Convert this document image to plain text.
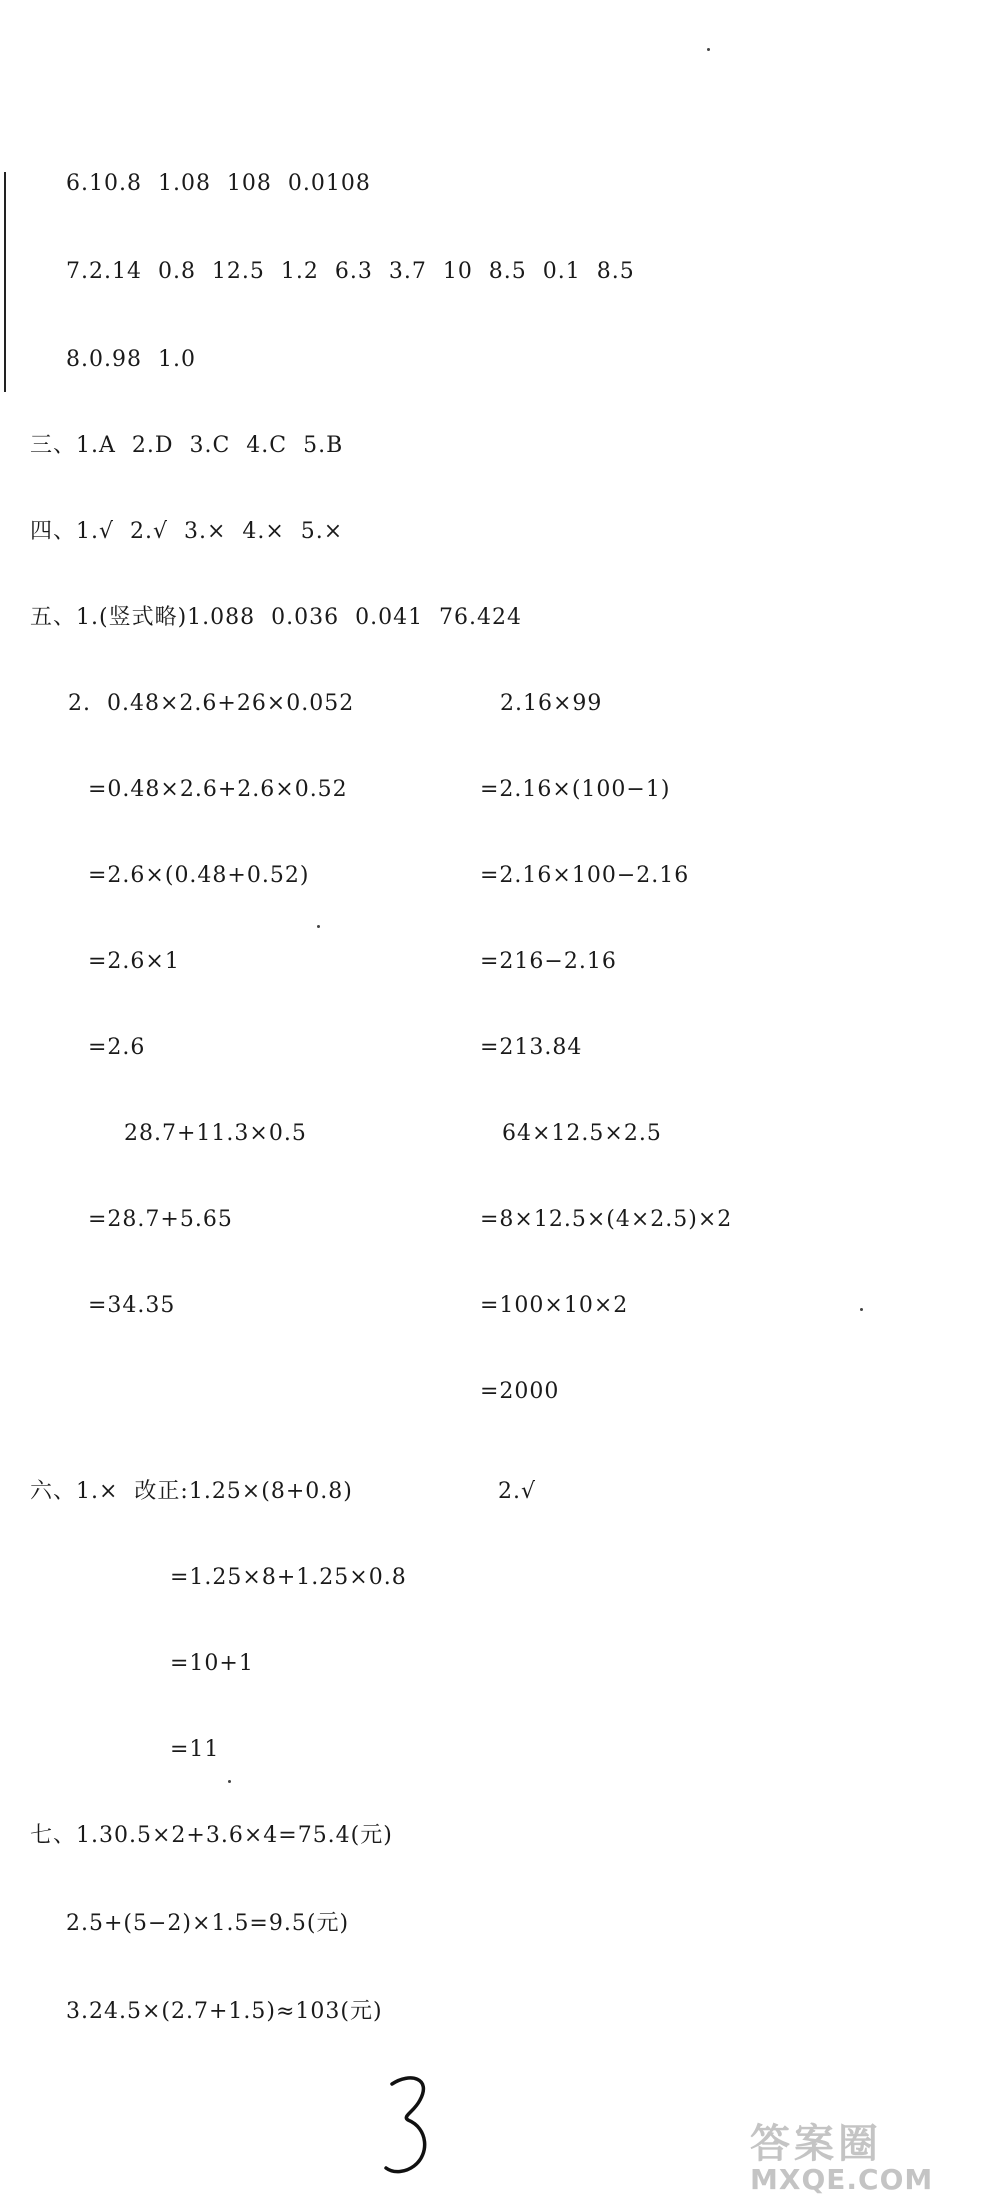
6.10.8  1.08  108  0.0108
7.2.14  0.8  12.5  1.2  6.3  3.7  10  8.5  0.1  8.5
8.0.98  1.0
三、1.A  2.D  3.C  4.C  5.B
四、1.√  2.√  3.×  4.×  5.×
五、1.(竖式略)1.088  0.036  0.041  76.424
2.  0.48×2.6+26×0.052
=0.48×2.6+2.6×0.52
=2.6×(0.48+0.52)
=2.6×1
=2.6
2.16×99
=2.16×(100−1)
=2.16×100−2.16
=216−2.16
=213.84
28.7+11.3×0.5
=28.7+5.65
=34.35
64×12.5×2.5
=8×12.5×(4×2.5)×2
=100×10×2
=2000
六、1.×  改正:1.25×(8+0.8)	2.√
=1.25×8+1.25×0.8
=10+1
=11
七、1.30.5×2+3.6×4=75.4(元)
2.5+(5−2)×1.5=9.5(元)
3.24.5×(2.7+1.5)≈103(元)
答案圈
MXQE.COM
